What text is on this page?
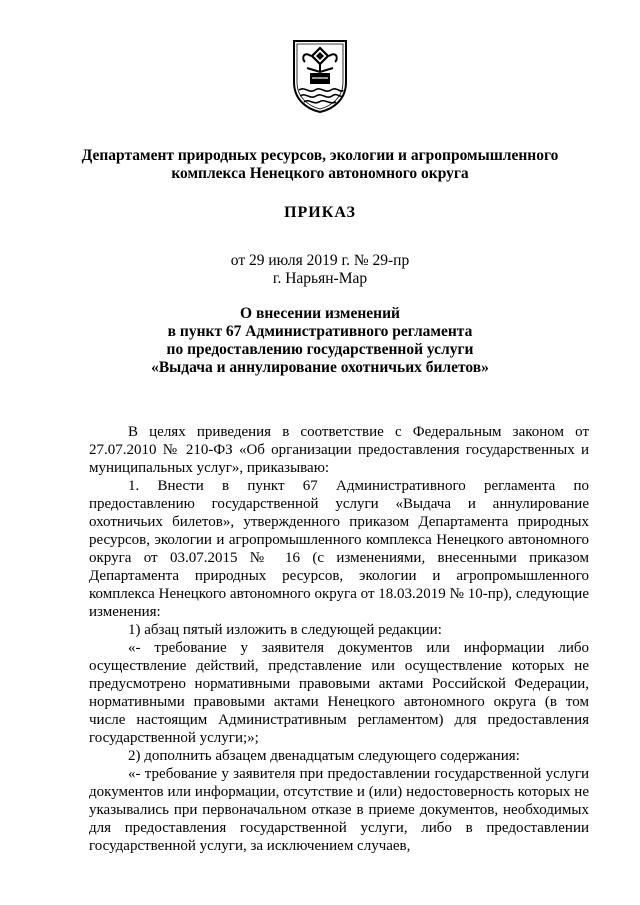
Департамент природных ресурсов, экологии и агропромышленного
комплекса Ненецкого автономного округа
ПРИКАЗ
от 29 июля 2019 г. № 29-пр
г. Нарьян-Мар
О внесении изменений
в пункт 67 Административного регламента
по предоставлению государственной услуги
«Выдача и аннулирование охотничьих билетов»

В целях приведения в соответствие с Федеральным законом от 27.07.2010 № 210-ФЗ «Об организации предоставления государственных и муниципальных услуг», приказываю:

1. Внести в пункт 67 Административного регламента по предоставлению государственной услуги «Выдача и аннулирование охотничьих билетов», утвержденного приказом Департамента природных ресурсов, экологии и агропромышленного комплекса Ненецкого автономного округа от 03.07.2015 № 16 (с изменениями, внесенными приказом Департамента природных ресурсов, экологии и агропромышленного комплекса Ненецкого автономного округа от 18.03.2019 № 10-пр), следующие изменения:

1) абзац пятый изложить в следующей редакции:

«- требование у заявителя документов или информации либо осуществление действий, представление или осуществление которых не предусмотрено нормативными правовыми актами Российской Федерации, нормативными правовыми актами Ненецкого автономного округа (в том числе настоящим Административным регламентом) для предоставления государственной услуги;»;

2) дополнить абзацем двенадцатым следующего содержания:

«- требование у заявителя при предоставлении государственной услуги документов или информации, отсутствие и (или) недостоверность которых не указывались при первоначальном отказе в приеме документов, необходимых для предоставления государственной услуги, либо в предоставлении государственной услуги, за исключением случаев,
